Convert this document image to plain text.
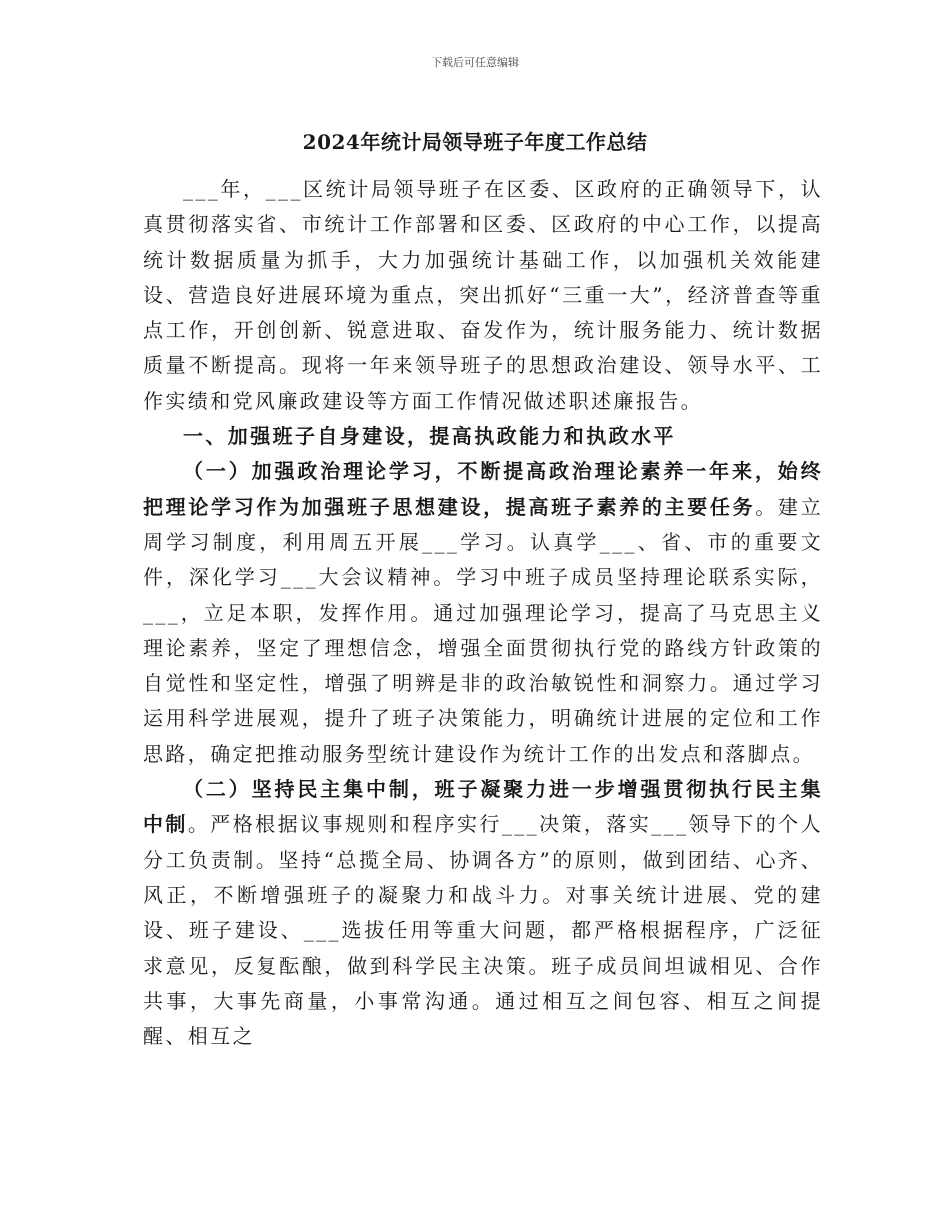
下载后可任意编辑
2024年统计局领导班子年度工作总结

___年，___区统计局领导班子在区委、区政府的正确领导下，认真贯彻落实省、市统计工作部署和区委、区政府的中心工作，以提高统计数据质量为抓手，大力加强统计基础工作，以加强机关效能建设、营造良好进展环境为重点，突出抓好“三重一大”，经济普查等重点工作，开创创新、锐意进取、奋发作为，统计服务能力、统计数据质量不断提高。现将一年来领导班子的思想政治建设、领导水平、工作实绩和党风廉政建设等方面工作情况做述职述廉报告。

一、加强班子自身建设，提高执政能力和执政水平

（一）加强政治理论学习，不断提高政治理论素养一年来，始终把理论学习作为加强班子思想建设，提高班子素养的主要任务。建立周学习制度，利用周五开展___学习。认真学___、省、市的重要文件，深化学习___大会议精神。学习中班子成员坚持理论联系实际，___，立足本职，发挥作用。通过加强理论学习，提高了马克思主义理论素养，坚定了理想信念，增强全面贯彻执行党的路线方针政策的自觉性和坚定性，增强了明辨是非的政治敏锐性和洞察力。通过学习运用科学进展观，提升了班子决策能力，明确统计进展的定位和工作思路，确定把推动服务型统计建设作为统计工作的出发点和落脚点。

（二）坚持民主集中制，班子凝聚力进一步增强贯彻执行民主集中制。严格根据议事规则和程序实行___决策，落实___领导下的个人分工负责制。坚持“总揽全局、协调各方”的原则，做到团结、心齐、风正，不断增强班子的凝聚力和战斗力。对事关统计进展、党的建设、班子建设、___选拔任用等重大问题，都严格根据程序，广泛征求意见，反复酝酿，做到科学民主决策。班子成员间坦诚相见、合作共事，大事先商量，小事常沟通。通过相互之间包容、相互之间提醒、相互之
